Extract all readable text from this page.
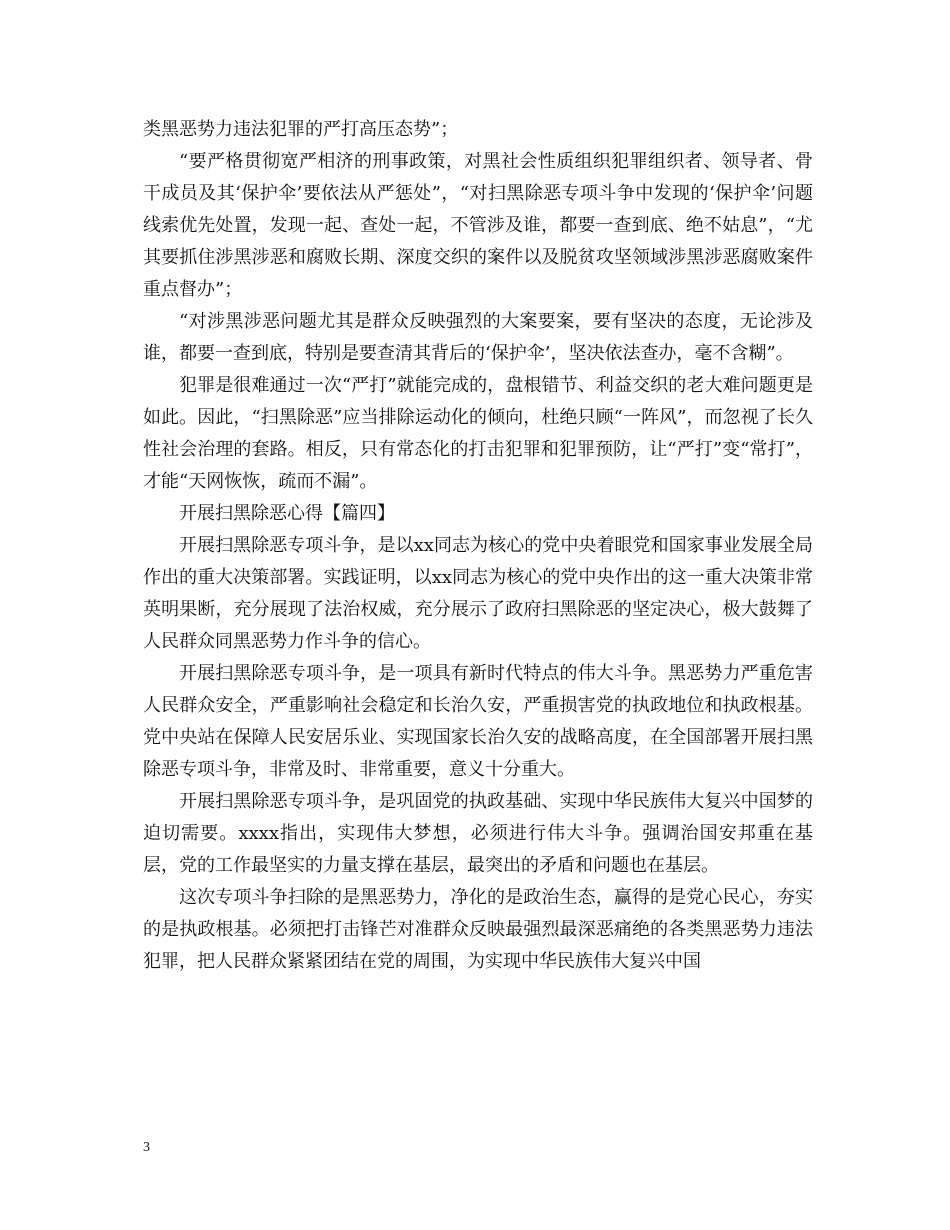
类黑恶势力违法犯罪的严打高压态势”；

“要严格贯彻宽严相济的刑事政策，对黑社会性质组织犯罪组织者、领导者、骨干成员及其‘保护伞’要依法从严惩处”，“对扫黑除恶专项斗争中发现的‘保护伞’问题线索优先处置，发现一起、查处一起，不管涉及谁，都要一查到底、绝不姑息”，“尤其要抓住涉黑涉恶和腐败长期、深度交织的案件以及脱贫攻坚领域涉黑涉恶腐败案件重点督办”；

“对涉黑涉恶问题尤其是群众反映强烈的大案要案，要有坚决的态度，无论涉及谁，都要一查到底，特别是要查清其背后的‘保护伞’，坚决依法查办，毫不含糊”。

犯罪是很难通过一次“严打”就能完成的，盘根错节、利益交织的老大难问题更是如此。因此，“扫黑除恶”应当排除运动化的倾向，杜绝只顾“一阵风”，而忽视了长久性社会治理的套路。相反，只有常态化的打击犯罪和犯罪预防，让“严打”变“常打”，才能“天网恢恢，疏而不漏”。

开展扫黑除恶心得【篇四】

开展扫黑除恶专项斗争，是以xx同志为核心的党中央着眼党和国家事业发展全局作出的重大决策部署。实践证明，以xx同志为核心的党中央作出的这一重大决策非常英明果断，充分展现了法治权威，充分展示了政府扫黑除恶的坚定决心，极大鼓舞了人民群众同黑恶势力作斗争的信心。

开展扫黑除恶专项斗争，是一项具有新时代特点的伟大斗争。黑恶势力严重危害人民群众安全，严重影响社会稳定和长治久安，严重损害党的执政地位和执政根基。党中央站在保障人民安居乐业、实现国家长治久安的战略高度，在全国部署开展扫黑除恶专项斗争，非常及时、非常重要，意义十分重大。

开展扫黑除恶专项斗争，是巩固党的执政基础、实现中华民族伟大复兴中国梦的迫切需要。xxxx指出，实现伟大梦想，必须进行伟大斗争。强调治国安邦重在基层，党的工作最坚实的力量支撑在基层，最突出的矛盾和问题也在基层。

这次专项斗争扫除的是黑恶势力，净化的是政治生态，赢得的是党心民心，夯实的是执政根基。必须把打击锋芒对准群众反映最强烈最深恶痛绝的各类黑恶势力违法犯罪，把人民群众紧紧团结在党的周围，为实现中华民族伟大复兴中国

3
